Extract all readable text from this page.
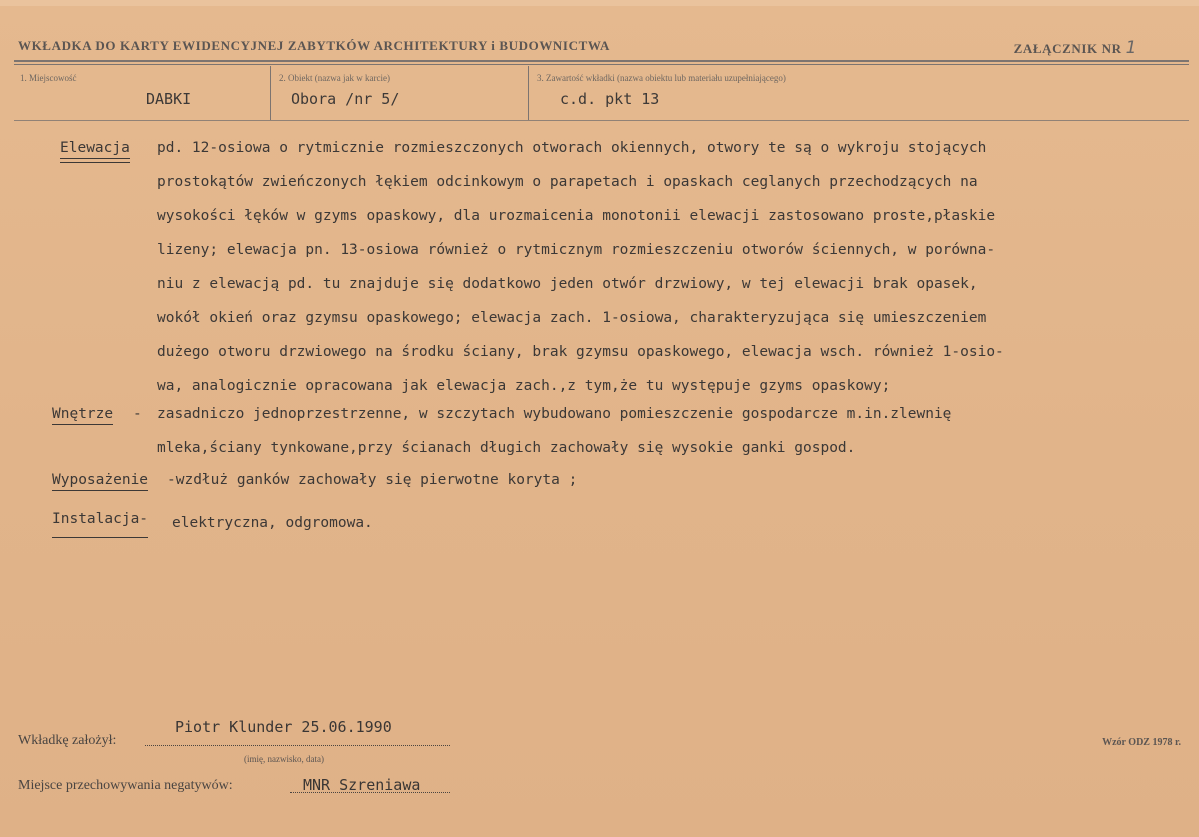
WKŁADKA DO KARTY EWIDENCYJNEJ ZABYTKÓW ARCHITEKTURY i BUDOWNICTWA	ZAŁĄCZNIK NR 1
1. Miejscowość
DABKI
2. Obiekt (nazwa jak w karcie)
Obora /nr 5/
3. Zawartość wkładki (nazwa obiektu lub materiału uzupełniającego)
c.d. pkt 13
Elewacja pd. 12-osiowa o rytmicznie rozmieszczonych otworach okiennych, otwory te są o wykroju stojących
prostokątów zwieńczonych łękiem odcinkowym o parapetach i opaskach ceglanych przechodzących na
wysokości łęków w gzyms opaskowy, dla urozmaicenia monotonii elewacji zastosowano proste,płaskie
lizeny; elewacja pn. 13-osiowa również o rytmicznym rozmieszczeniu otworów ściennych, w porówna-
niu z elewacją pd. tu znajduje się dodatkowo jeden otwór drzwiowy, w tej elewacji brak opasek,
wokół okień oraz gzymsu opaskowego; elewacja zach. 1-osiowa, charakteryzująca się umieszczeniem
dużego otworu drzwiowego na środku ściany, brak gzymsu opaskowego, elewacja wsch. również 1-osio-
wa, analogicznie opracowana jak elewacja zach.,z tym,że tu występuje gzyms opaskowy;
Wnętrze - zasadniczo jednoprzestrzenne, w szczytach wybudowano pomieszczenie gospodarcze m.in.zlewnię
mleka,ściany tynkowane,przy ścianach długich zachowały się wysokie ganki gospod.
Wyposażenie -wzdłuż ganków zachowały się pierwotne koryta ;
Instalacja- elektryczna, odgromowa.
Wkładkę założył:
Piotr Klunder 25.06.1990
(imię, nazwisko, data)
Miejsce przechowywania negatywów:	MNR Szreniawa
Wzór ODZ 1978 r.
